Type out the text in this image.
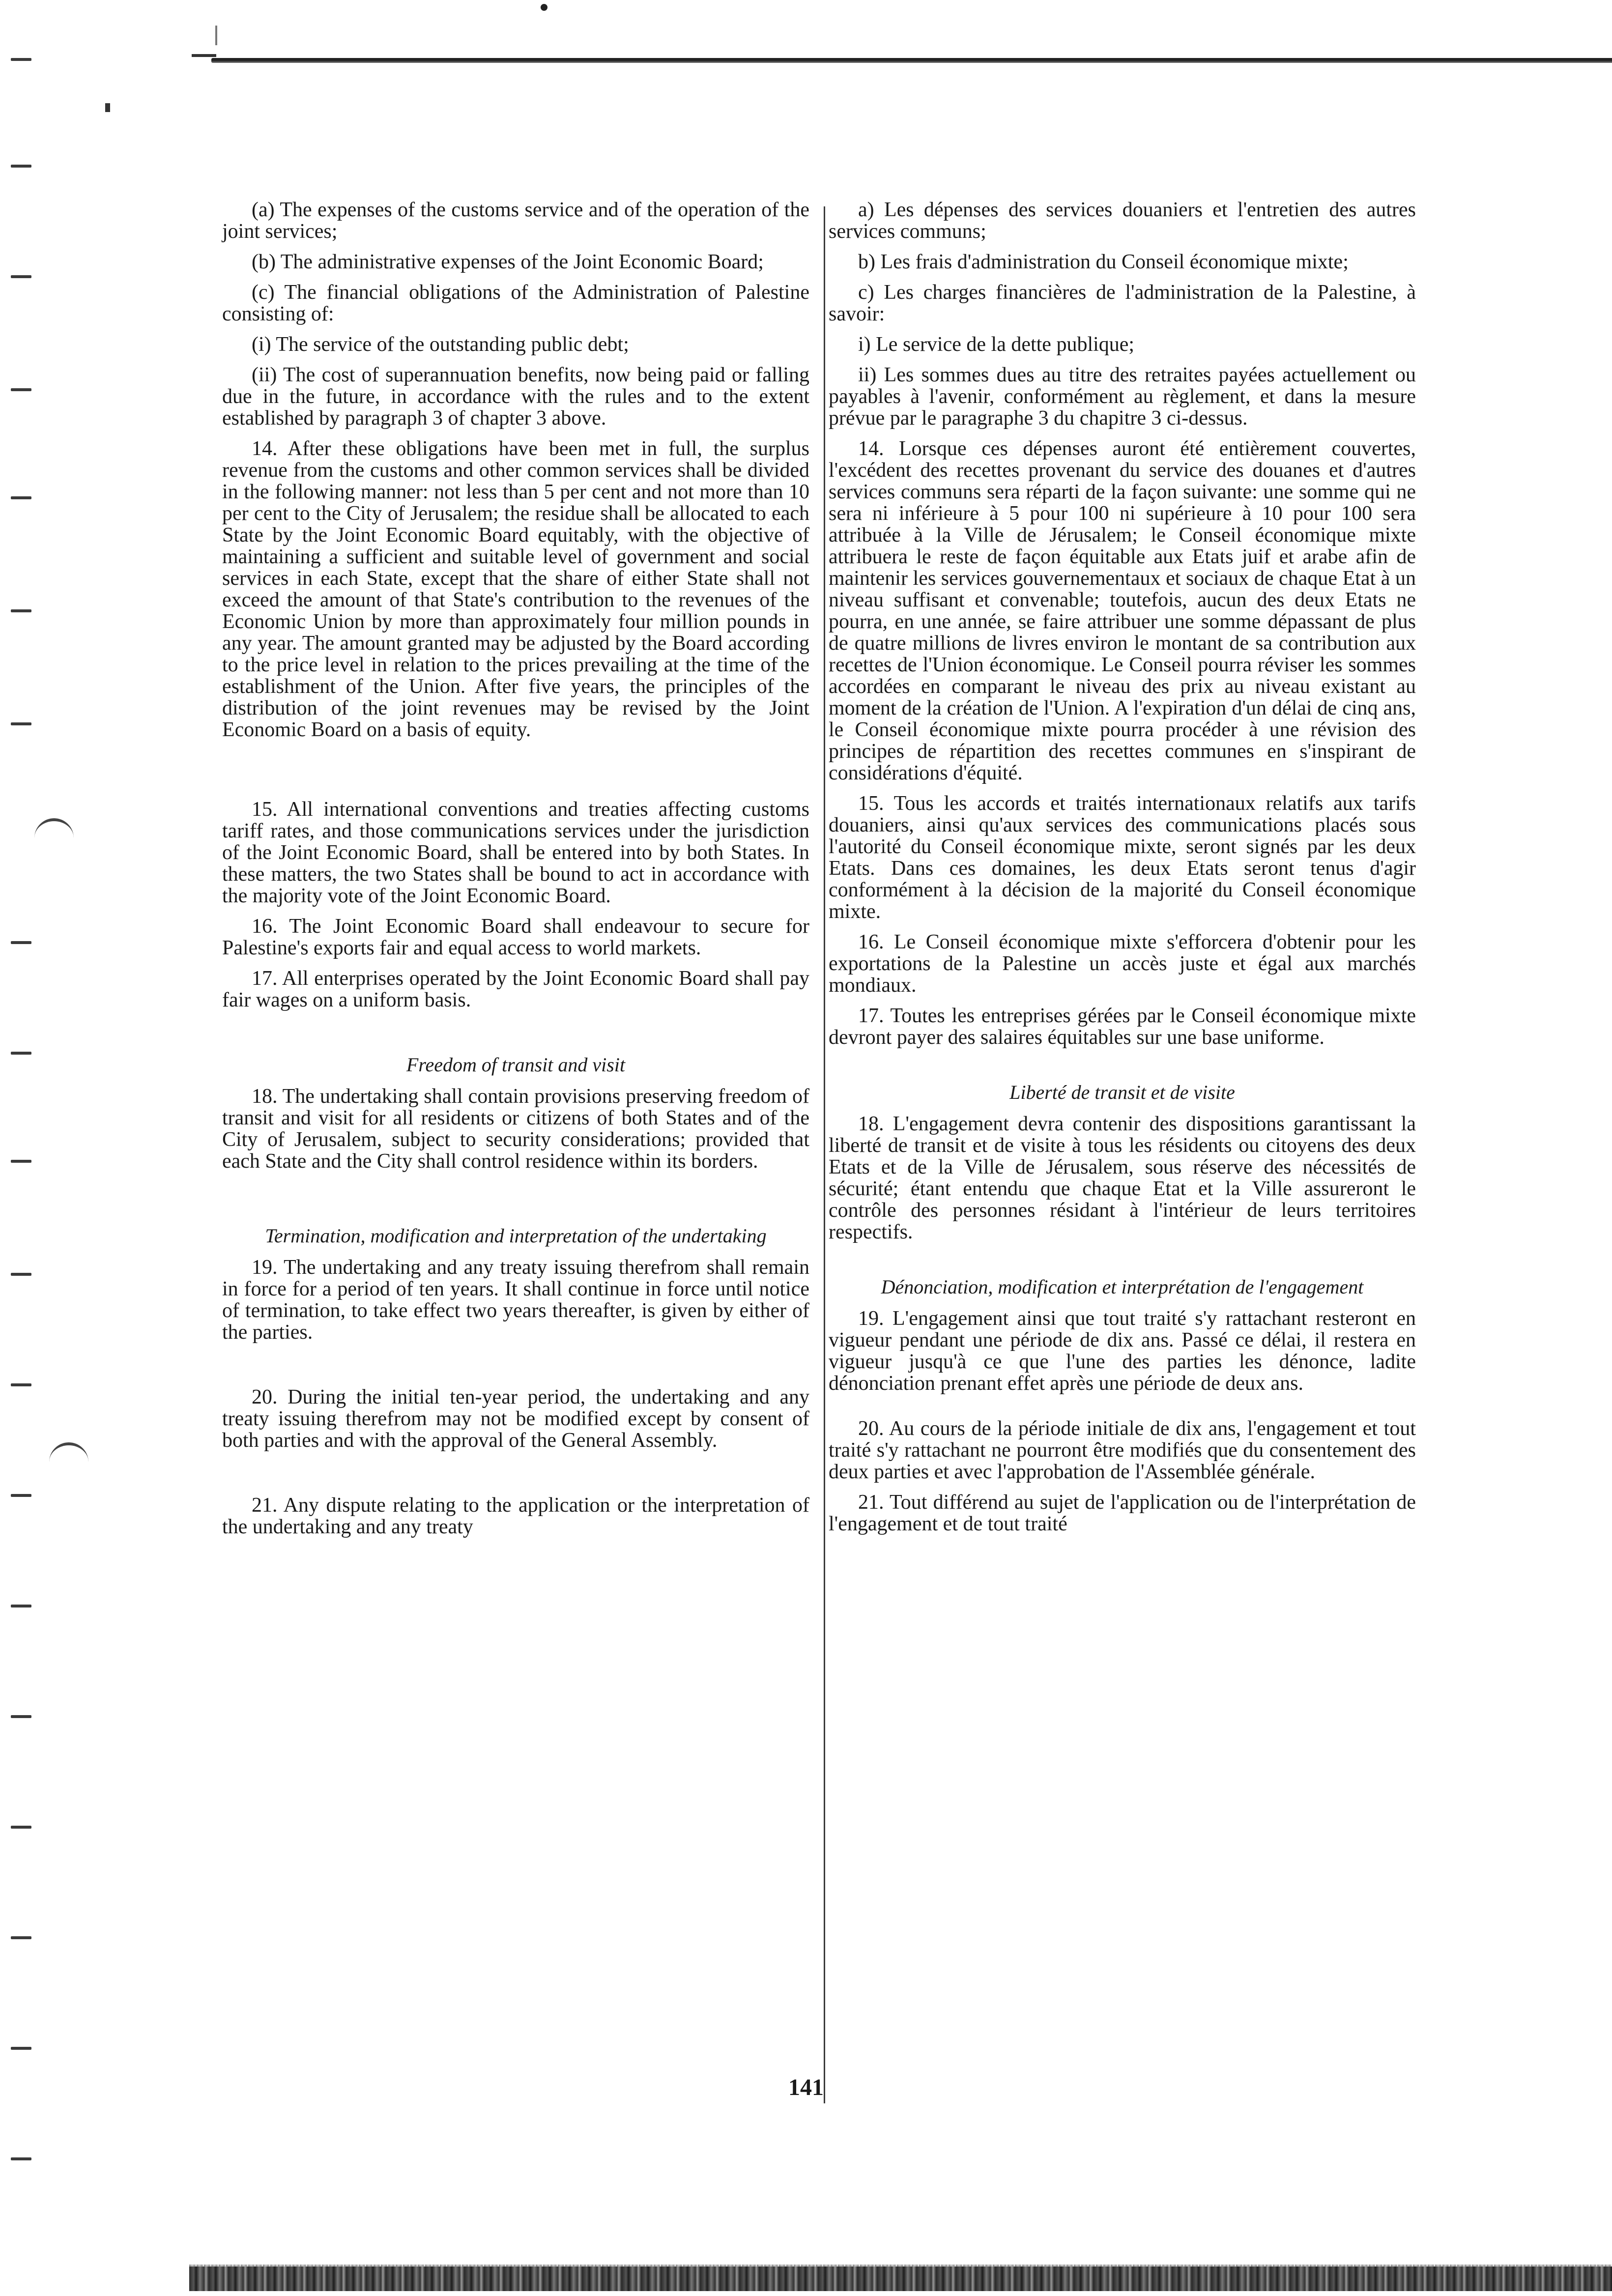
(a) The expenses of the customs service and of the operation of the joint services;

(b) The administrative expenses of the Joint Economic Board;

(c) The financial obligations of the Administration of Palestine consisting of:

(i) The service of the outstanding public debt;

(ii) The cost of superannuation benefits, now being paid or falling due in the future, in accordance with the rules and to the extent established by paragraph 3 of chapter 3 above.

14. After these obligations have been met in full, the surplus revenue from the customs and other common services shall be divided in the following manner: not less than 5 per cent and not more than 10 per cent to the City of Jerusalem; the residue shall be allocated to each State by the Joint Economic Board equitably, with the objective of maintaining a sufficient and suitable level of government and social services in each State, except that the share of either State shall not exceed the amount of that State's contribution to the revenues of the Economic Union by more than approximately four million pounds in any year. The amount granted may be adjusted by the Board according to the price level in relation to the prices prevailing at the time of the establishment of the Union. After five years, the principles of the distribution of the joint revenues may be revised by the Joint Economic Board on a basis of equity.

15. All international conventions and treaties affecting customs tariff rates, and those communications services under the jurisdiction of the Joint Economic Board, shall be entered into by both States. In these matters, the two States shall be bound to act in accordance with the majority vote of the Joint Economic Board.

16. The Joint Economic Board shall endeavour to secure for Palestine's exports fair and equal access to world markets.

17. All enterprises operated by the Joint Economic Board shall pay fair wages on a uniform basis.

Freedom of transit and visit

18. The undertaking shall contain provisions preserving freedom of transit and visit for all residents or citizens of both States and of the City of Jerusalem, subject to security considerations; provided that each State and the City shall control residence within its borders.

Termination, modification and interpretation of the undertaking

19. The undertaking and any treaty issuing therefrom shall remain in force for a period of ten years. It shall continue in force until notice of termination, to take effect two years thereafter, is given by either of the parties.

20. During the initial ten-year period, the undertaking and any treaty issuing therefrom may not be modified except by consent of both parties and with the approval of the General Assembly.

21. Any dispute relating to the application or the interpretation of the undertaking and any treaty

a) Les dépenses des services douaniers et l'entretien des autres services communs;

b) Les frais d'administration du Conseil économique mixte;

c) Les charges financières de l'administration de la Palestine, à savoir:

i) Le service de la dette publique;

ii) Les sommes dues au titre des retraites payées actuellement ou payables à l'avenir, conformément au règlement, et dans la mesure prévue par le paragraphe 3 du chapitre 3 ci-dessus.

14. Lorsque ces dépenses auront été entièrement couvertes, l'excédent des recettes provenant du service des douanes et d'autres services communs sera réparti de la façon suivante: une somme qui ne sera ni inférieure à 5 pour 100 ni supérieure à 10 pour 100 sera attribuée à la Ville de Jérusalem; le Conseil économique mixte attribuera le reste de façon équitable aux Etats juif et arabe afin de maintenir les services gouvernementaux et sociaux de chaque Etat à un niveau suffisant et convenable; toutefois, aucun des deux Etats ne pourra, en une année, se faire attribuer une somme dépassant de plus de quatre millions de livres environ le montant de sa contribution aux recettes de l'Union économique. Le Conseil pourra réviser les sommes accordées en comparant le niveau des prix au niveau existant au moment de la création de l'Union. A l'expiration d'un délai de cinq ans, le Conseil économique mixte pourra procéder à une révision des principes de répartition des recettes communes en s'inspirant de considérations d'équité.

15. Tous les accords et traités internationaux relatifs aux tarifs douaniers, ainsi qu'aux services des communications placés sous l'autorité du Conseil économique mixte, seront signés par les deux Etats. Dans ces domaines, les deux Etats seront tenus d'agir conformément à la décision de la majorité du Conseil économique mixte.

16. Le Conseil économique mixte s'efforcera d'obtenir pour les exportations de la Palestine un accès juste et égal aux marchés mondiaux.

17. Toutes les entreprises gérées par le Conseil économique mixte devront payer des salaires équitables sur une base uniforme.

Liberté de transit et de visite

18. L'engagement devra contenir des dispositions garantissant la liberté de transit et de visite à tous les résidents ou citoyens des deux Etats et de la Ville de Jérusalem, sous réserve des nécessités de sécurité; étant entendu que chaque Etat et la Ville assureront le contrôle des personnes résidant à l'intérieur de leurs territoires respectifs.

Dénonciation, modification et interprétation de l'engagement

19. L'engagement ainsi que tout traité s'y rattachant resteront en vigueur pendant une période de dix ans. Passé ce délai, il restera en vigueur jusqu'à ce que l'une des parties les dénonce, ladite dénonciation prenant effet après une période de deux ans.

20. Au cours de la période initiale de dix ans, l'engagement et tout traité s'y rattachant ne pourront être modifiés que du consentement des deux parties et avec l'approbation de l'Assemblée générale.

21. Tout différend au sujet de l'application ou de l'interprétation de l'engagement et de tout traité

141
